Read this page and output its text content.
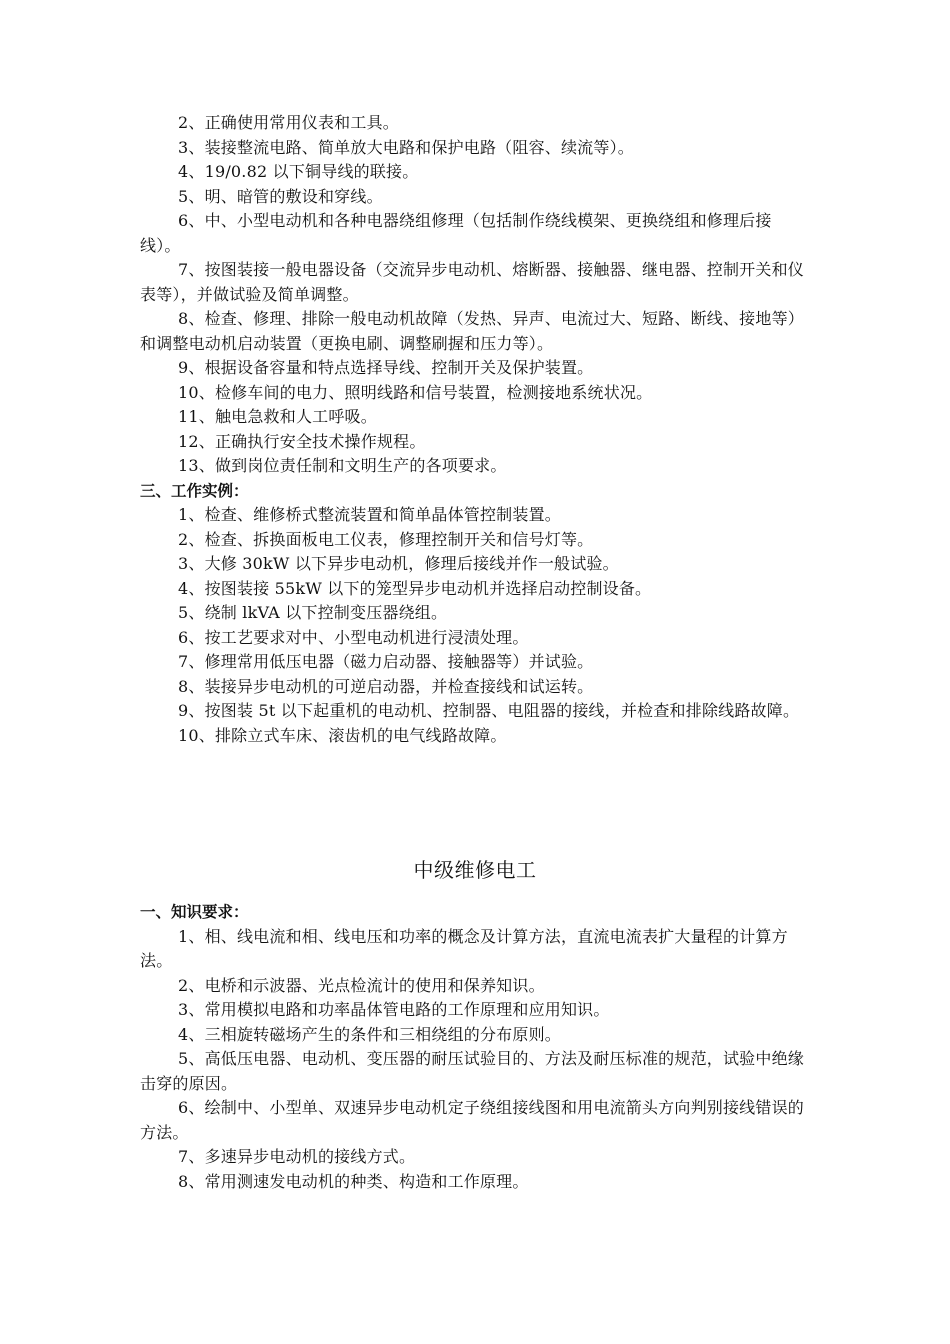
2、正确使用常用仪表和工具。
3、装接整流电路、简单放大电路和保护电路（阻容、续流等）。
4、19/0.82 以下铜导线的联接。
5、明、暗管的敷设和穿线。
6、中、小型电动机和各种电器绕组修理（包括制作绕线模架、更换绕组和修理后接线）。
7、按图装接一般电器设备（交流异步电动机、熔断器、接触器、继电器、控制开关和仪表等），并做试验及简单调整。
8、检查、修理、排除一般电动机故障（发热、异声、电流过大、短路、断线、接地等）和调整电动机启动装置（更换电刷、调整刷握和压力等）。
9、根据设备容量和特点选择导线、控制开关及保护装置。
10、检修车间的电力、照明线路和信号装置，检测接地系统状况。
11、触电急救和人工呼吸。
12、正确执行安全技术操作规程。
13、做到岗位责任制和文明生产的各项要求。
三、工作实例：
1、检查、维修桥式整流装置和简单晶体管控制装置。
2、检查、拆换面板电工仪表，修理控制开关和信号灯等。
3、大修 30kW 以下异步电动机，修理后接线并作一般试验。
4、按图装接 55kW 以下的笼型异步电动机并选择启动控制设备。
5、绕制 lkVA 以下控制变压器绕组。
6、按工艺要求对中、小型电动机进行浸渍处理。
7、修理常用低压电器（磁力启动器、接触器等）并试验。
8、装接异步电动机的可逆启动器，并检查接线和试运转。
9、按图装 5t 以下起重机的电动机、控制器、电阻器的接线，并检查和排除线路故障。
10、排除立式车床、滚齿机的电气线路故障。
中级维修电工
一、知识要求：
1、相、线电流和相、线电压和功率的概念及计算方法，直流电流表扩大量程的计算方法。
2、电桥和示波器、光点检流计的使用和保养知识。
3、常用模拟电路和功率晶体管电路的工作原理和应用知识。
4、三相旋转磁场产生的条件和三相绕组的分布原则。
5、高低压电器、电动机、变压器的耐压试验目的、方法及耐压标准的规范，试验中绝缘击穿的原因。
6、绘制中、小型单、双速异步电动机定子绕组接线图和用电流箭头方向判别接线错误的方法。
7、多速异步电动机的接线方式。
8、常用测速发电动机的种类、构造和工作原理。
